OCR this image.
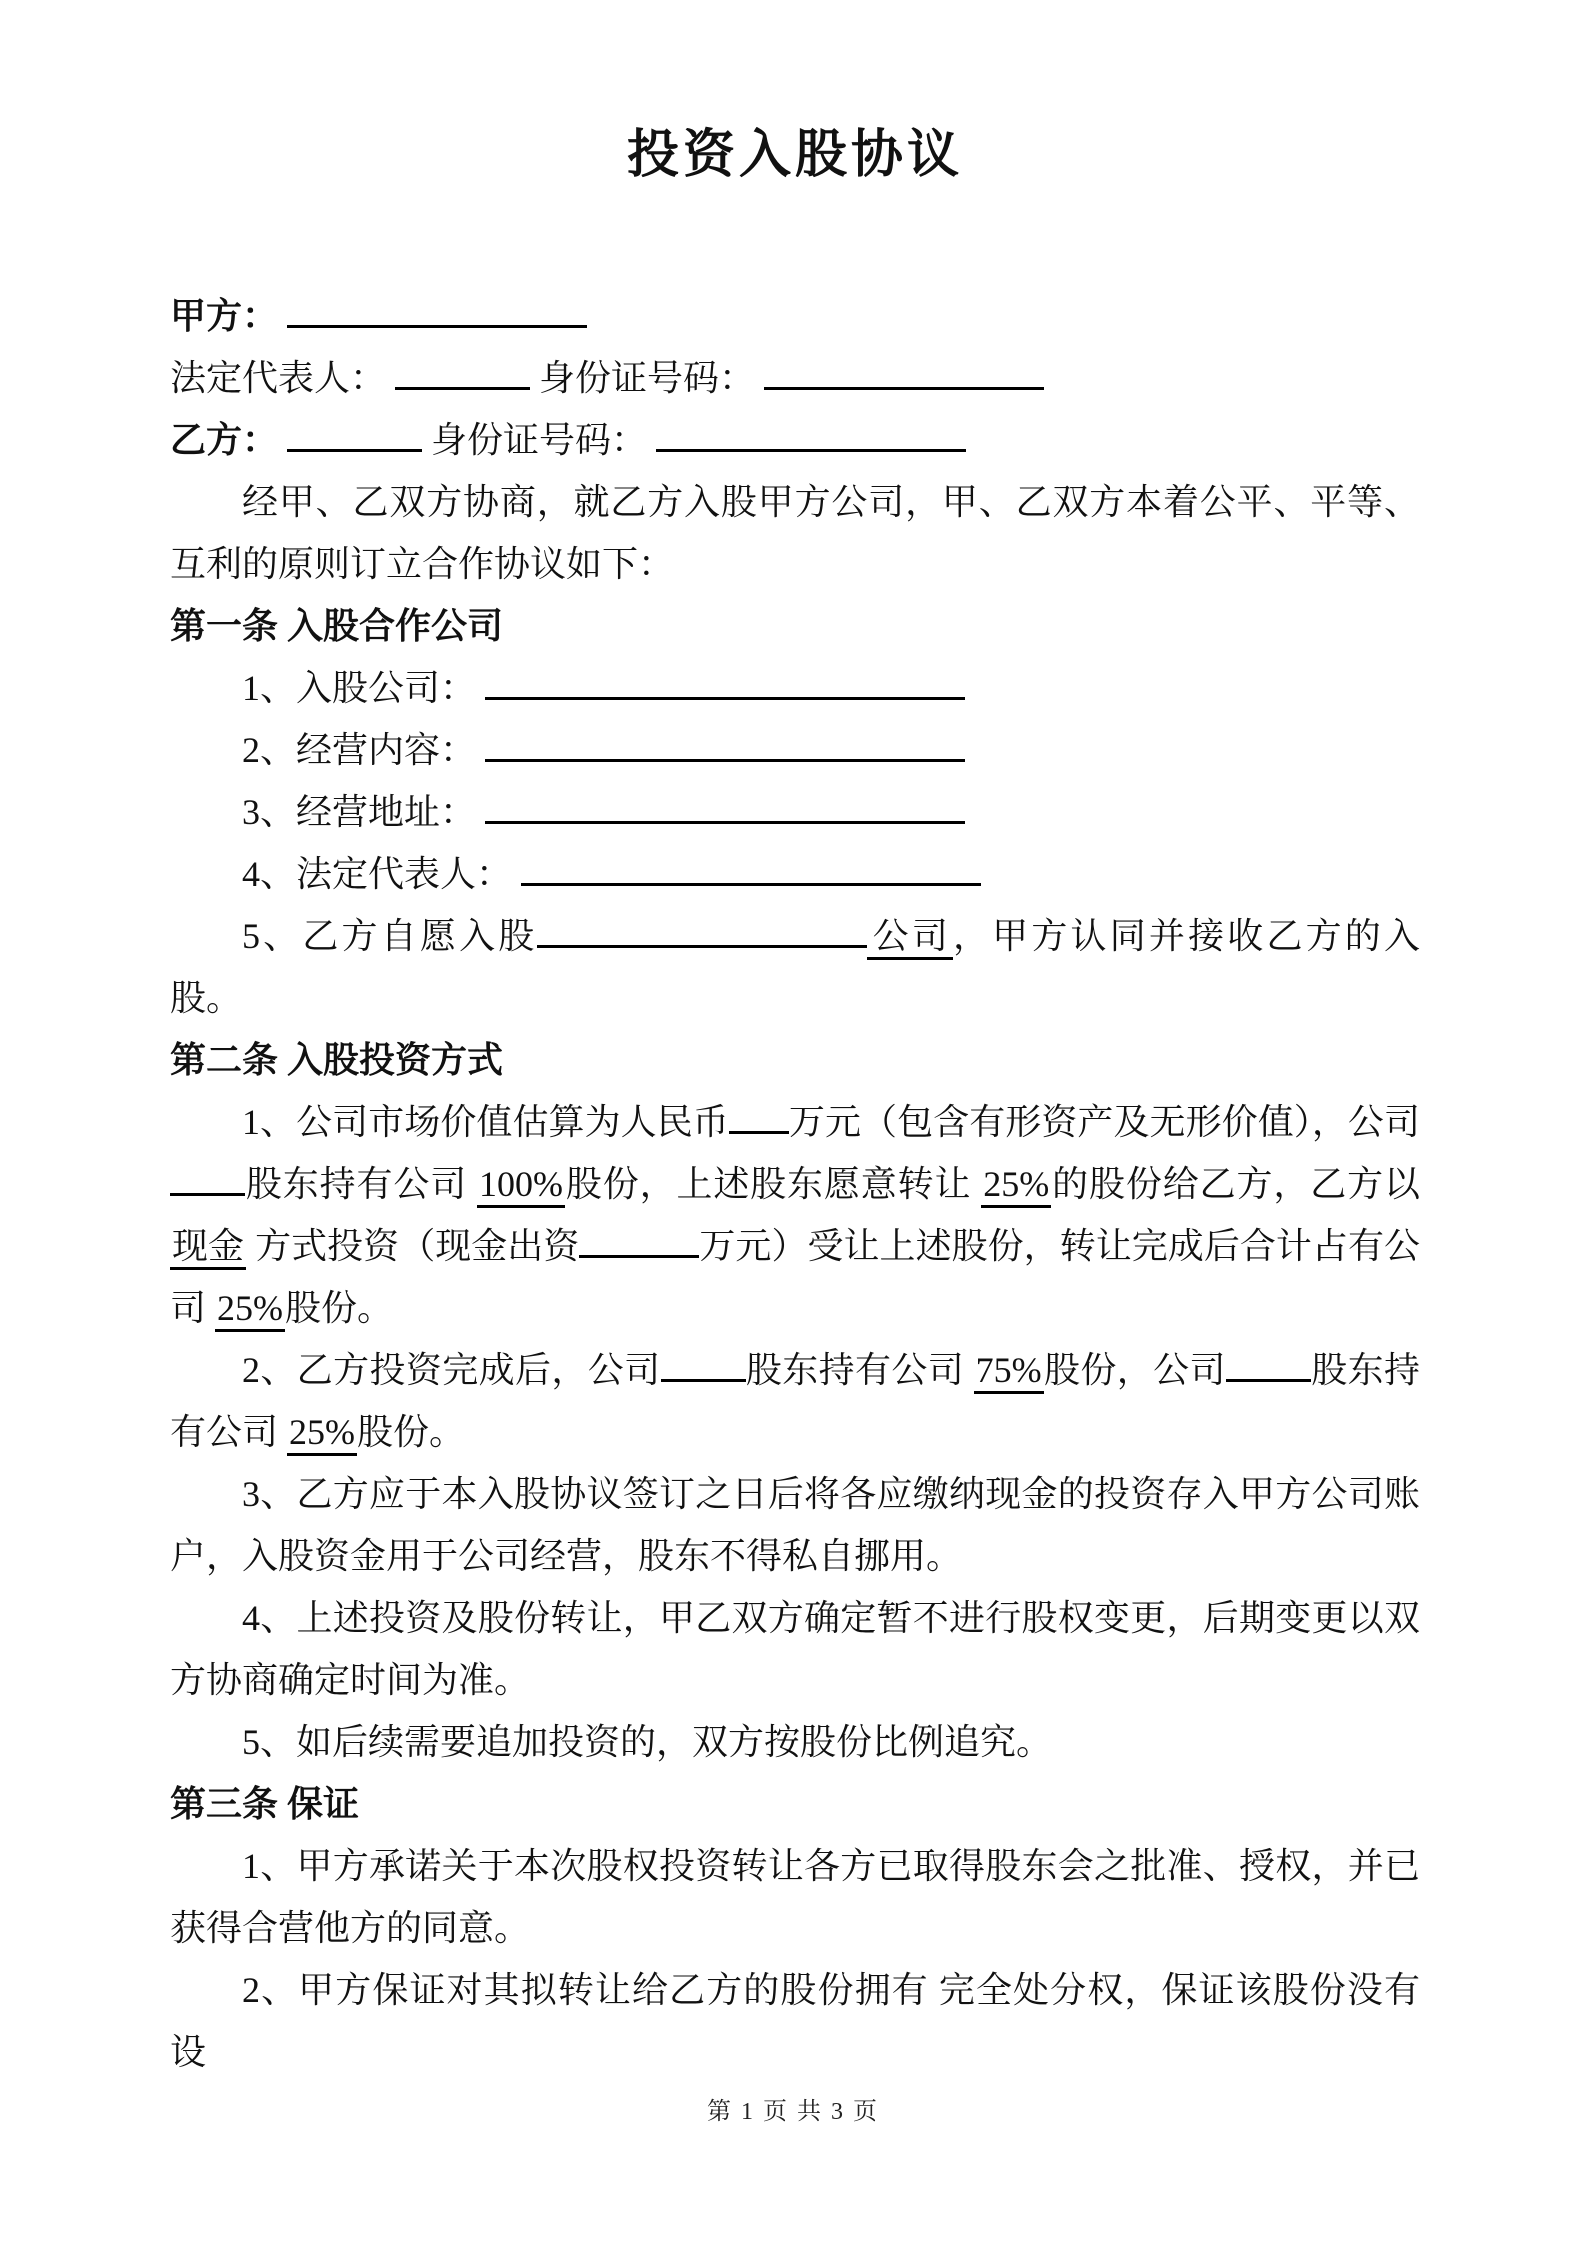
投资入股协议

甲方：

法定代表人：	身份证号码：

乙方：	身份证号码：

经甲、乙双方协商，就乙方入股甲方公司，甲、乙双方本着公平、平等、互利的原则订立合作协议如下：

第一条 入股合作公司

1、入股公司：

2、经营内容：

3、经营地址：

4、法定代表人：

5、乙方自愿入股	公司，甲方认同并接收乙方的入股。

第二条 入股投资方式

1、公司市场价值估算为人民币 万元（包含有形资产及无形价值），公司股东持有公司 100%股份，上述股东愿意转让 25%的股份给乙方，乙方以 现金 方式投资（现金出资	万元）受让上述股份，转让完成后合计占有公司 25%股份。

2、乙方投资完成后，公司 股东持有公司 75%股份，公司 股东持有公司 25%股份。

3、乙方应于本入股协议签订之日后将各应缴纳现金的投资存入甲方公司账户，入股资金用于公司经营，股东不得私自挪用。

4、上述投资及股份转让，甲乙双方确定暂不进行股权变更，后期变更以双方协商确定时间为准。

5、如后续需要追加投资的，双方按股份比例追究。

第三条 保证

1、甲方承诺关于本次股权投资转让各方已取得股东会之批准、授权，并已获得合营他方的同意。

2、甲方保证对其拟转让给乙方的股份拥有 完全处分权，保证该股份没有设

第 1 页 共 3 页
